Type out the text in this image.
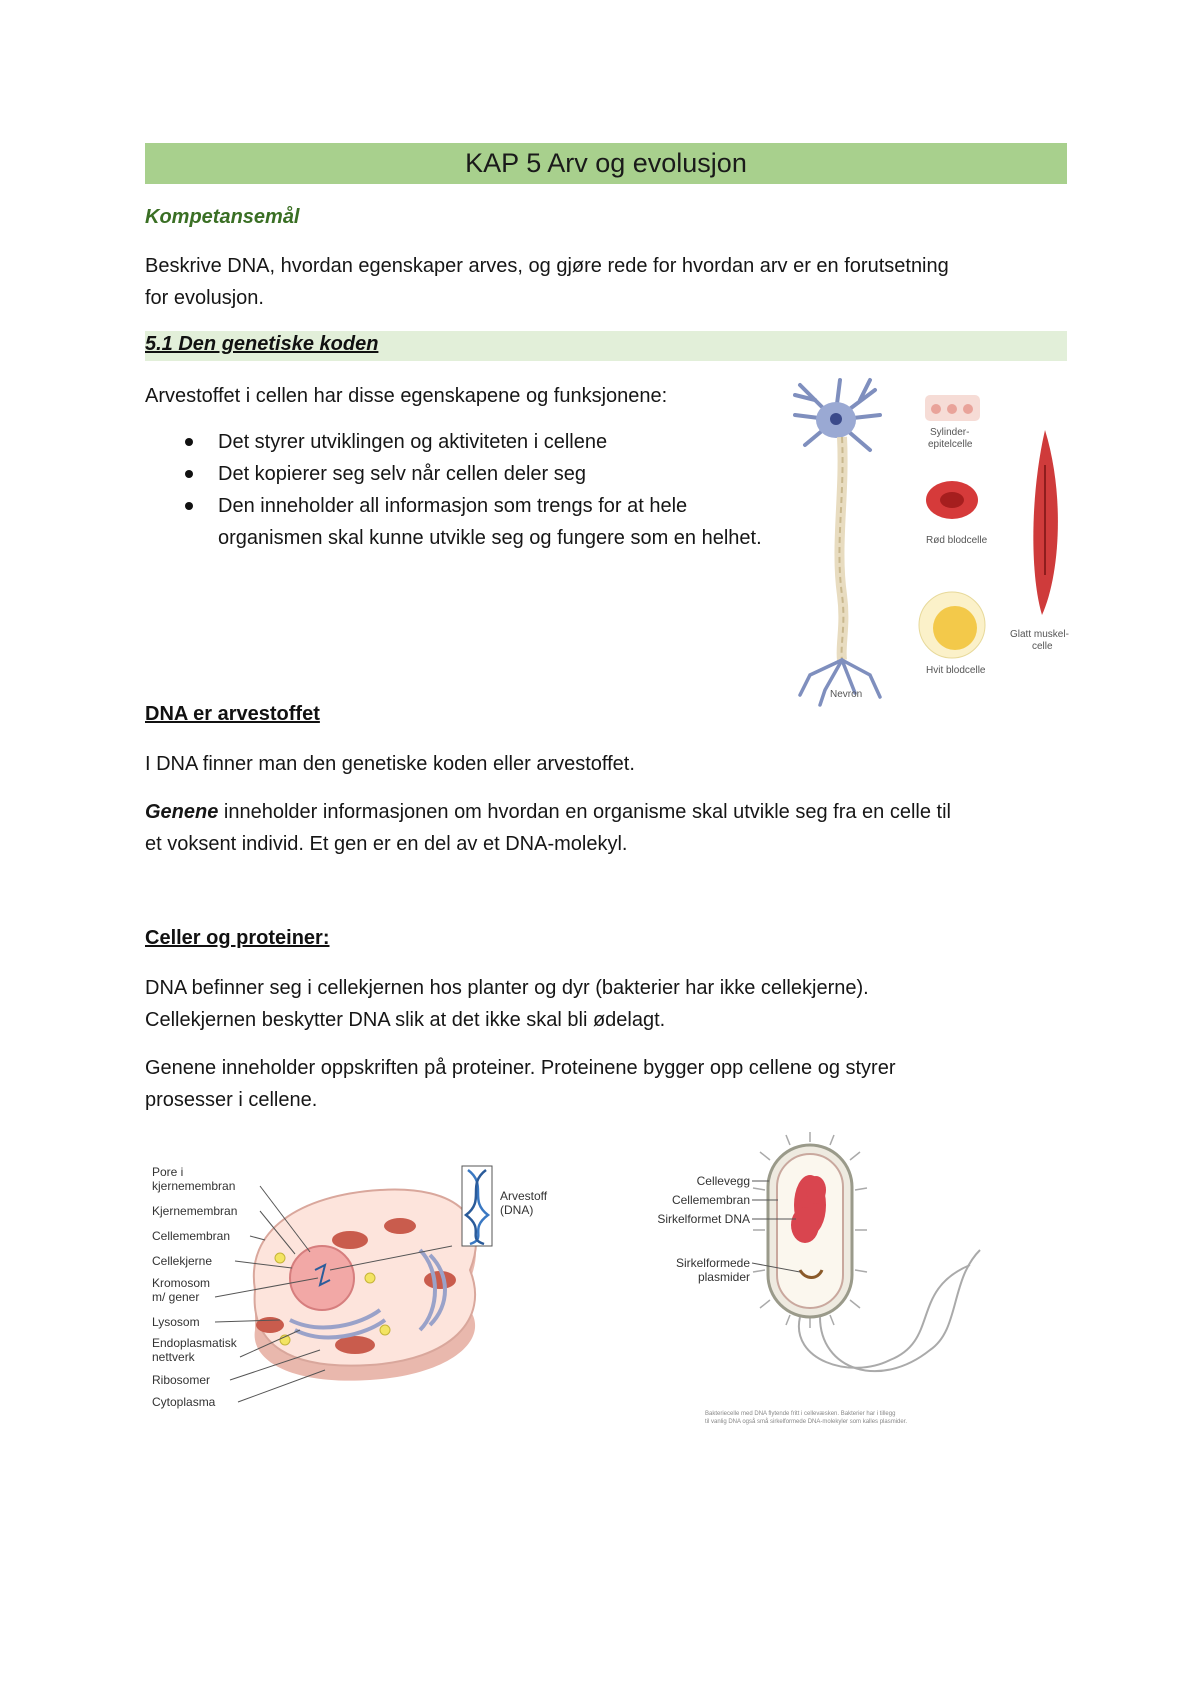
KAP 5 Arv og evolusjon
Kompetansemål
Beskrive DNA, hvordan egenskaper arves, og gjøre rede for hvordan arv er en forutsetning
for evolusjon.
5.1 Den genetiske koden
Arvestoffet i cellen har disse egenskapene og funksjonene:
Det styrer utviklingen og aktiviteten i cellene
Det kopierer seg selv når cellen deler seg
Den inneholder all informasjon som trengs for at hele organismen skal kunne utvikle seg og fungere som en helhet.
Nevron
Sylinder-epitelcelle
Rød blodcelle
Hvit blodcelle
Glatt muskel-celle
DNA er arvestoffet
I DNA finner man den genetiske koden eller arvestoffet.
Genene inneholder informasjonen om hvordan en organisme skal utvikle seg fra en celle til
et voksent individ. Et gen er en del av et DNA-molekyl.
Celler og proteiner:
DNA befinner seg i cellekjernen hos planter og dyr (bakterier har ikke cellekjerne).
Cellekjernen beskytter DNA slik at det ikke skal bli ødelagt.
Genene inneholder oppskriften på proteiner. Proteinene bygger opp cellene og styrer
prosesser i cellene.
Pore i kjernemembran
Kjernemembran
Cellemembran
Cellekjerne
Kromosom m/ gener
Lysosom
Endoplasmatisk nettverk
Ribosomer
Cytoplasma
Arvestoff (DNA)
Cellevegg
Cellemembran
Sirkelformet DNA
Sirkelformede plasmider
Bakteriecelle med DNA flytende fritt i cellevæsken. Bakterier har i tillegg til vanlig DNA også små sirkelformede DNA-molekyler som kalles plasmider.
